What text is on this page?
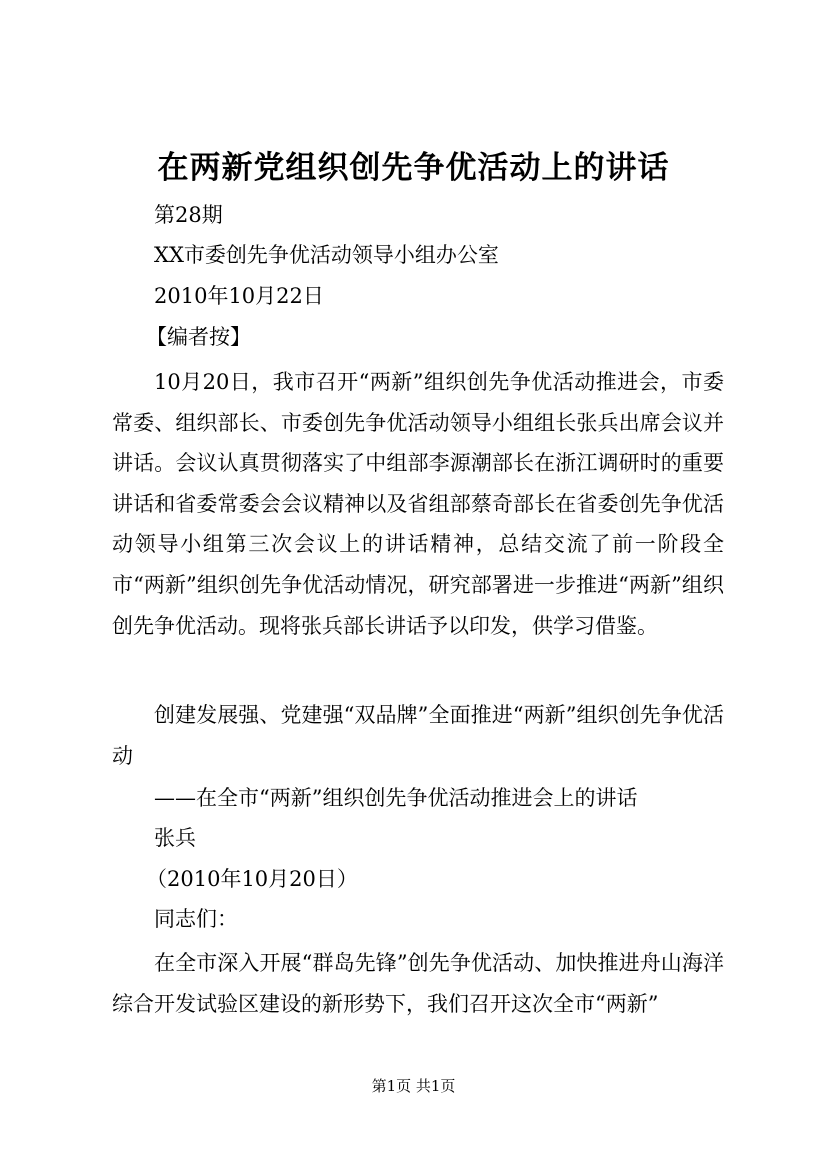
在两新党组织创先争优活动上的讲话
第28期
XX市委创先争优活动领导小组办公室
2010年10月22日
【编者按】
10月20日，我市召开“两新”组织创先争优活动推进会，市委常委、组织部长、市委创先争优活动领导小组组长张兵出席会议并讲话。会议认真贯彻落实了中组部李源潮部长在浙江调研时的重要讲话和省委常委会会议精神以及省组部蔡奇部长在省委创先争优活动领导小组第三次会议上的讲话精神，总结交流了前一阶段全市“两新”组织创先争优活动情况，研究部署进一步推进“两新”组织创先争优活动。现将张兵部长讲话予以印发，供学习借鉴。
创建发展强、党建强“双品牌”全面推进“两新”组织创先争优活动
——在全市“两新”组织创先争优活动推进会上的讲话
张兵
（2010年10月20日）
同志们：
在全市深入开展“群岛先锋”创先争优活动、加快推进舟山海洋综合开发试验区建设的新形势下，我们召开这次全市“两新”
第1页 共1页
